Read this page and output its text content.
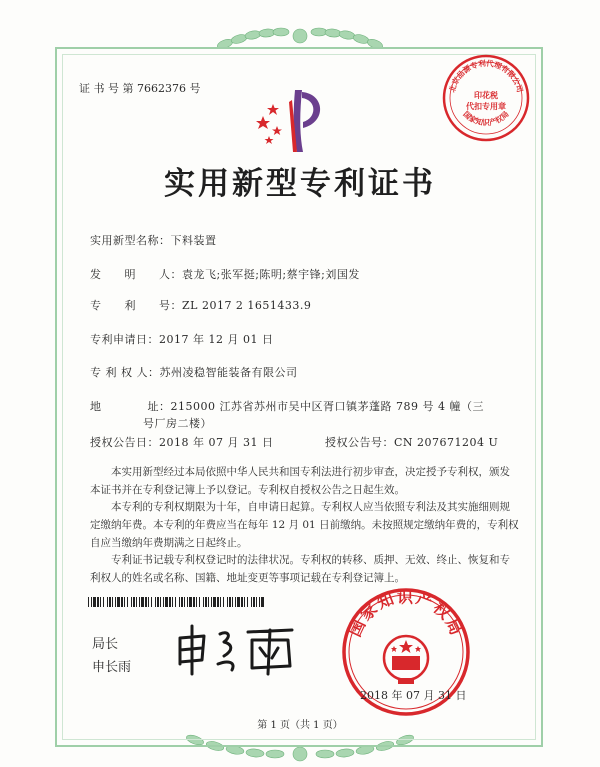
证 书 号 第 7662376 号	北京品源专利代理有限公司
印花税
代扣专用章
国家知识产权局
实用新型专利证书
实用新型名称：下料装置
发　　明　　人：袁龙飞;张军挺;陈明;蔡宇锋;刘国发
专　　利　　号：ZL 2017 2 1651433.9
专利申请日：2017 年 12 月 01 日
专 利 权 人：苏州凌稳智能装备有限公司
地　　　　址：215000 江苏省苏州市吴中区胥口镇茅蓬路 789 号 4 幢（三
号厂房二楼）
授权公告日：2018 年 07 月 31 日	授权公告号：CN 207671204 U
本实用新型经过本局依照中华人民共和国专利法进行初步审查，决定授予专利权，颁发
本证书并在专利登记簿上予以登记。专利权自授权公告之日起生效。
本专利的专利权期限为十年，自申请日起算。专利权人应当依照专利法及其实施细则规
定缴纳年费。本专利的年费应当在每年 12 月 01 日前缴纳。未按照规定缴纳年费的，专利权
自应当缴纳年费期满之日起终止。
专利证书记载专利权登记时的法律状况。专利权的转移、质押、无效、终止、恢复和专
利权人的姓名或名称、国籍、地址变更等事项记载在专利登记簿上。
局长
申长雨
国家知识产权局
2018 年 07 月 31 日
第 1 页（共 1 页）
